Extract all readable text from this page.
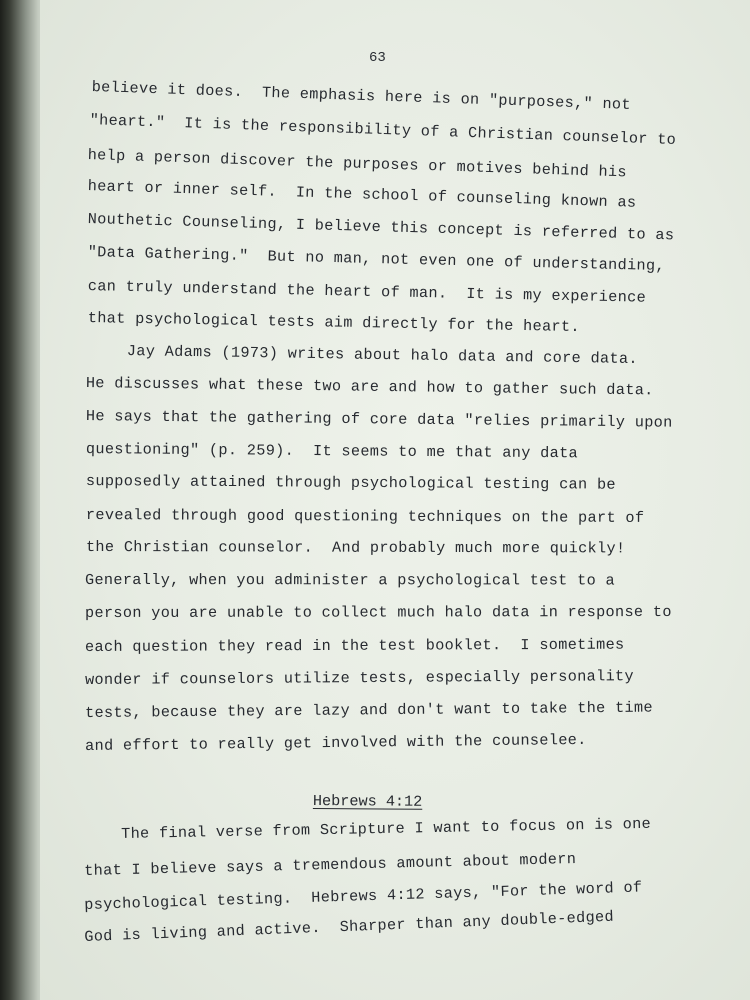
63
believe it does.  The emphasis here is on "purposes," not
"heart."  It is the responsibility of a Christian counselor to
help a person discover the purposes or motives behind his
heart or inner self.  In the school of counseling known as
Nouthetic Counseling, I believe this concept is referred to as
"Data Gathering."  But no man, not even one of understanding,
can truly understand the heart of man.  It is my experience
that psychological tests aim directly for the heart.
Jay Adams (1973) writes about halo data and core data.
He discusses what these two are and how to gather such data.
He says that the gathering of core data "relies primarily upon
questioning" (p. 259).  It seems to me that any data
supposedly attained through psychological testing can be
revealed through good questioning techniques on the part of
the Christian counselor.  And probably much more quickly!
Generally, when you administer a psychological test to a
person you are unable to collect much halo data in response to
each question they read in the test booklet.  I sometimes
wonder if counselors utilize tests, especially personality
tests, because they are lazy and don't want to take the time
and effort to really get involved with the counselee.
Hebrews 4:12
The final verse from Scripture I want to focus on is one
that I believe says a tremendous amount about modern
psychological testing.  Hebrews 4:12 says, "For the word of
God is living and active.  Sharper than any double-edged
